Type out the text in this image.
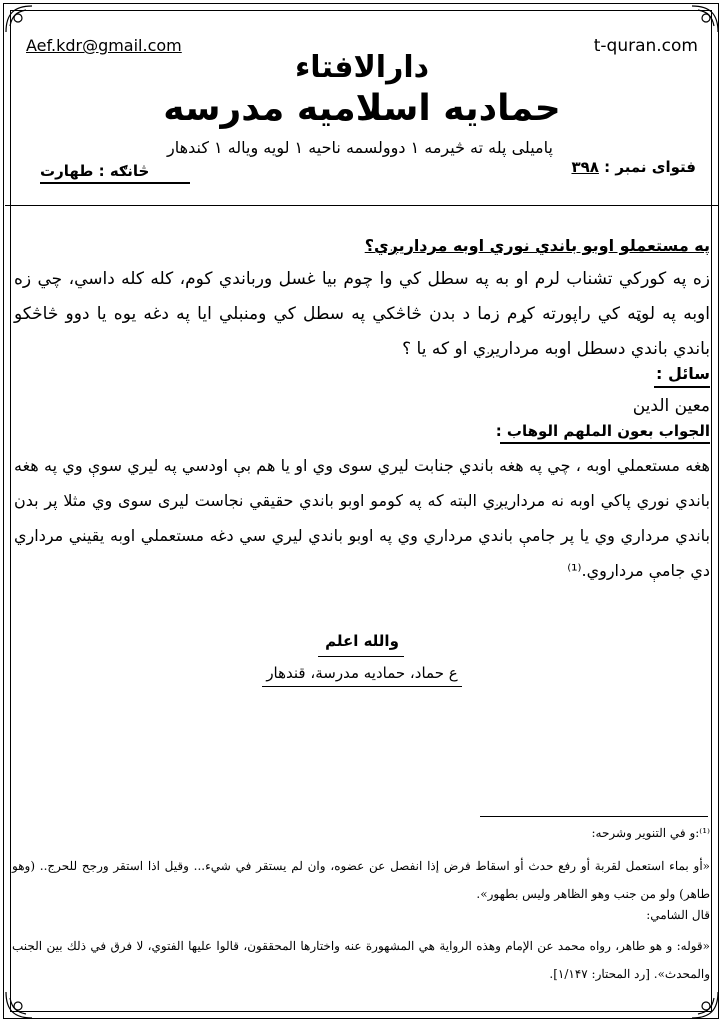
Aef.kdr@gmail.com	t-quran.com
دارالافتاء
حمادیه اسلامیه مدرسه
پامیلی پله ته څیرمه ۱ دوولسمه ناحیه ۱ لویه ویاله ۱ کندهار
فتوای نمبر : ۳۹۸
څانګه : طهارت
په مستعملو اوبو باندي نوري اوبه مرداريږي؟
زه په کورکي تشناب لرم او به په سطل کي وا چوم بيا غسل ورباندي کوم، کله کله داسي، چي زه اوبه په لوټه کي راپورته کړم زما د بدن څاڅکي په سطل کي ومنبلي ايا په دغه يوه يا دوو څاڅکو باندي باندي دسطل اوبه مرداريږي او که يا ؟
سائل :
معين الدين
الجواب بعون الملهم الوهاب :
هغه مستعملي اوبه ، چي په هغه باندي جنابت ليري سوی وي او يا هم بې اودسي په ليري سوې وي په هغه باندي نوري پاکي اوبه نه مرداريږي البته که په کومو اوبو باندي حقيقي نجاست ليری سوی وي مثلا پر بدن باندي مرداري وي يا پر جامې باندي مرداري وي په اوبو باندي ليري سي دغه مستعملي اوبه يقيني مرداري دي جامې مرداروي.⁽¹⁾
والله اعلم
ع حماد، حماديه مدرسة، قندهار
⁽¹⁾:و في التنوير وشرحه:
«أو بماء استعمل لقربة أو رفع حدث أو اسقاط فرض إذا انفصل عن عضوه، وان لم يستقر في شيء... وقيل اذا استقر ورجح للحرج.. (وهو طاهر) ولو من جنب وهو الظاهر وليس بطهور».
قال الشامي:
«قوله: و هو طاهر، رواه محمد عن الإمام وهذه الرواية هي المشهورة عنه واختارها المحققون، قالوا عليها الفتوي، لا فرق في ذلك بين الجنب والمحدث». [رد المحتار: ۱/۱۴۷].
